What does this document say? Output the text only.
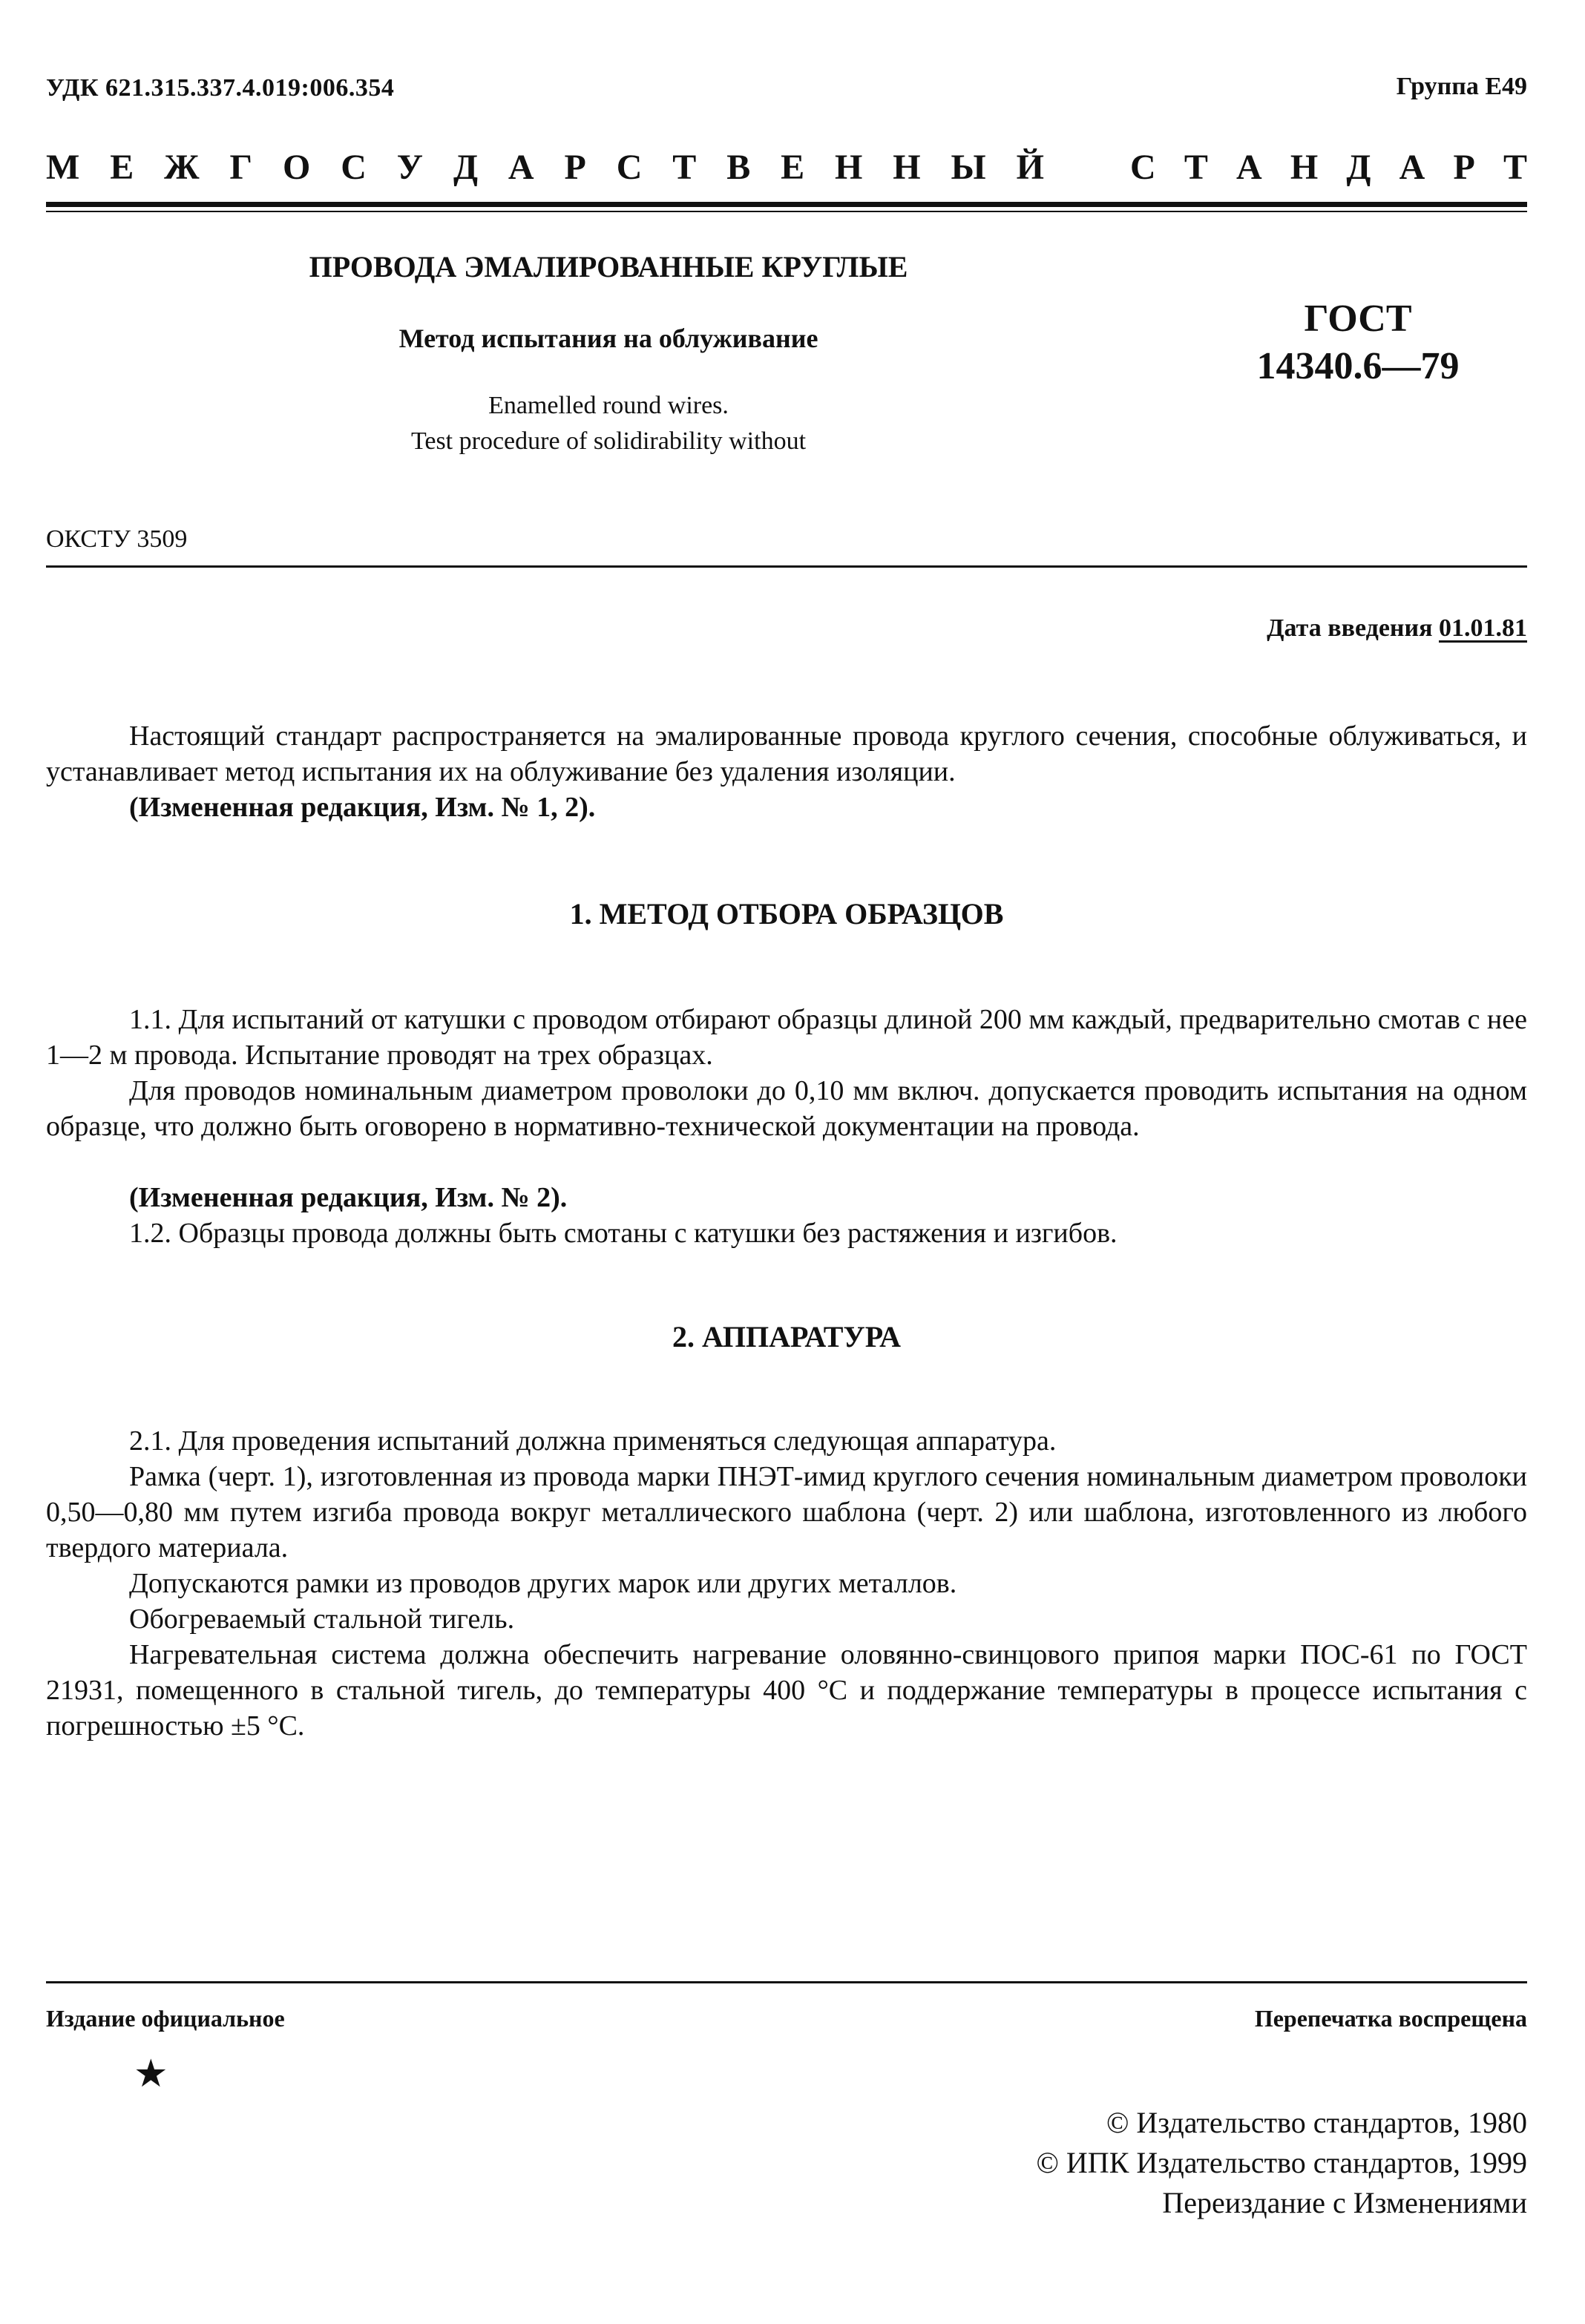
УДК 621.315.337.4.019:006.354	Группа Е49
М Е Ж Г О С У Д А Р С Т В Е Н Н Ы Й С Т А Н Д А Р Т

ПРОВОДА ЭМАЛИРОВАННЫЕ КРУГЛЫЕ

Метод испытания на облуживание

Enamelled round wires.
Test procedure of solidirability without

ГОСТ
14340.6—79
ОКСТУ 3509
Дата введения 01.01.81

Настоящий стандарт распространяется на эмалированные провода круглого сечения, способные облуживаться, и устанавливает метод испытания их на облуживание без удаления изоляции.

(Измененная редакция, Изм. № 1, 2).

1. МЕТОД ОТБОРА ОБРАЗЦОВ

1.1. Для испытаний от катушки с проводом отбирают образцы длиной 200 мм каждый, предварительно смотав с нее 1—2 м провода. Испытание проводят на трех образцах.

Для проводов номинальным диаметром проволоки до 0,10 мм включ. допускается проводить испытания на одном образце, что должно быть оговорено в нормативно-технической документации на провода.

(Измененная редакция, Изм. № 2).

1.2. Образцы провода должны быть смотаны с катушки без растяжения и изгибов.

2. АППАРАТУРА

2.1. Для проведения испытаний должна применяться следующая аппаратура.

Рамка (черт. 1), изготовленная из провода марки ПНЭТ-имид круглого сечения номинальным диаметром проволоки 0,50—0,80 мм путем изгиба провода вокруг металлического шаблона (черт. 2) или шаблона, изготовленного из любого твердого материала.

Допускаются рамки из проводов других марок или других металлов.

Обогреваемый стальной тигель.

Нагревательная система должна обеспечить нагревание оловянно-свинцового припоя марки ПОС-61 по ГОСТ 21931, помещенного в стальной тигель, до температуры 400 °С и поддержание температуры в процессе испытания с погрешностью ±5 °С.

Издание официальное	Перепечатка воспрещена
★
© Издательство стандартов, 1980
© ИПК Издательство стандартов, 1999
Переиздание с Изменениями
